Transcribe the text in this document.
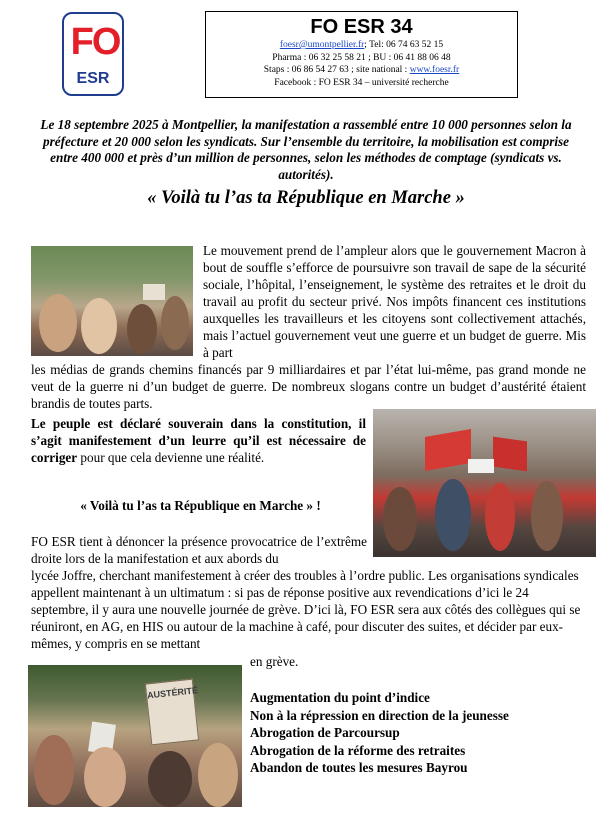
FO
ESR
FO ESR 34
foesr@umontpellier.fr; Tel: 06 74 63 52 15
Pharma : 06 32 25 58 21 ; BU : 06 41 88 06 48
Staps : 06 86 54 27 63 ; site national : www.foesr.fr
Facebook : FO ESR 34 – université recherche
Le 18 septembre 2025 à Montpellier, la manifestation a rassemblé entre 10 000 personnes selon la préfecture et 20 000 selon les syndicats. Sur l’ensemble du territoire, la mobilisation est comprise entre 400 000 et près d’un million de personnes, selon les méthodes de comptage (syndicats vs. autorités).
« Voilà tu l’as ta République en Marche »
Le mouvement prend de l’ampleur alors que le gouvernement Macron à bout de souffle s’efforce de poursuivre son travail de sape de la sécurité sociale, l’hôpital, l’enseignement, le système des retraites et le droit du travail au profit du secteur privé. Nos impôts financent ces institutions auxquelles les travailleurs et les citoyens sont collectivement attachés, mais l’actuel gouvernement veut une guerre et un budget de guerre. Mis à part
les médias de grands chemins financés par 9 milliardaires et par l’état lui-même, pas grand monde ne veut de la guerre ni d’un budget de guerre. De nombreux slogans contre un budget d’austérité étaient brandis de toutes parts.
Le peuple est déclaré souverain dans la constitution, il s’agit manifestement d’un leurre qu’il est nécessaire de corriger pour que cela devienne une réalité.
« Voilà tu l’as ta République en Marche » !
FO ESR tient à dénoncer la présence provocatrice de l’extrême droite lors de la manifestation et aux abords du
lycée Joffre, cherchant manifestement à créer des troubles à l’ordre public. Les organisations syndicales appellent maintenant à un ultimatum : si pas de réponse positive aux revendications d’ici le 24 septembre, il y aura une nouvelle journée de grève. D’ici là, FO ESR sera aux côtés des collègues qui se réuniront, en AG, en HIS ou autour de la machine à café, pour discuter des suites, et décider par eux-mêmes, y compris en se mettant
en grève.
AUSTÉRITÉ	Augmentation du point d’indice
Non à la répression en direction de la jeunesse
Abrogation de Parcoursup
Abrogation de la réforme des retraites
Abandon de toutes les mesures Bayrou
